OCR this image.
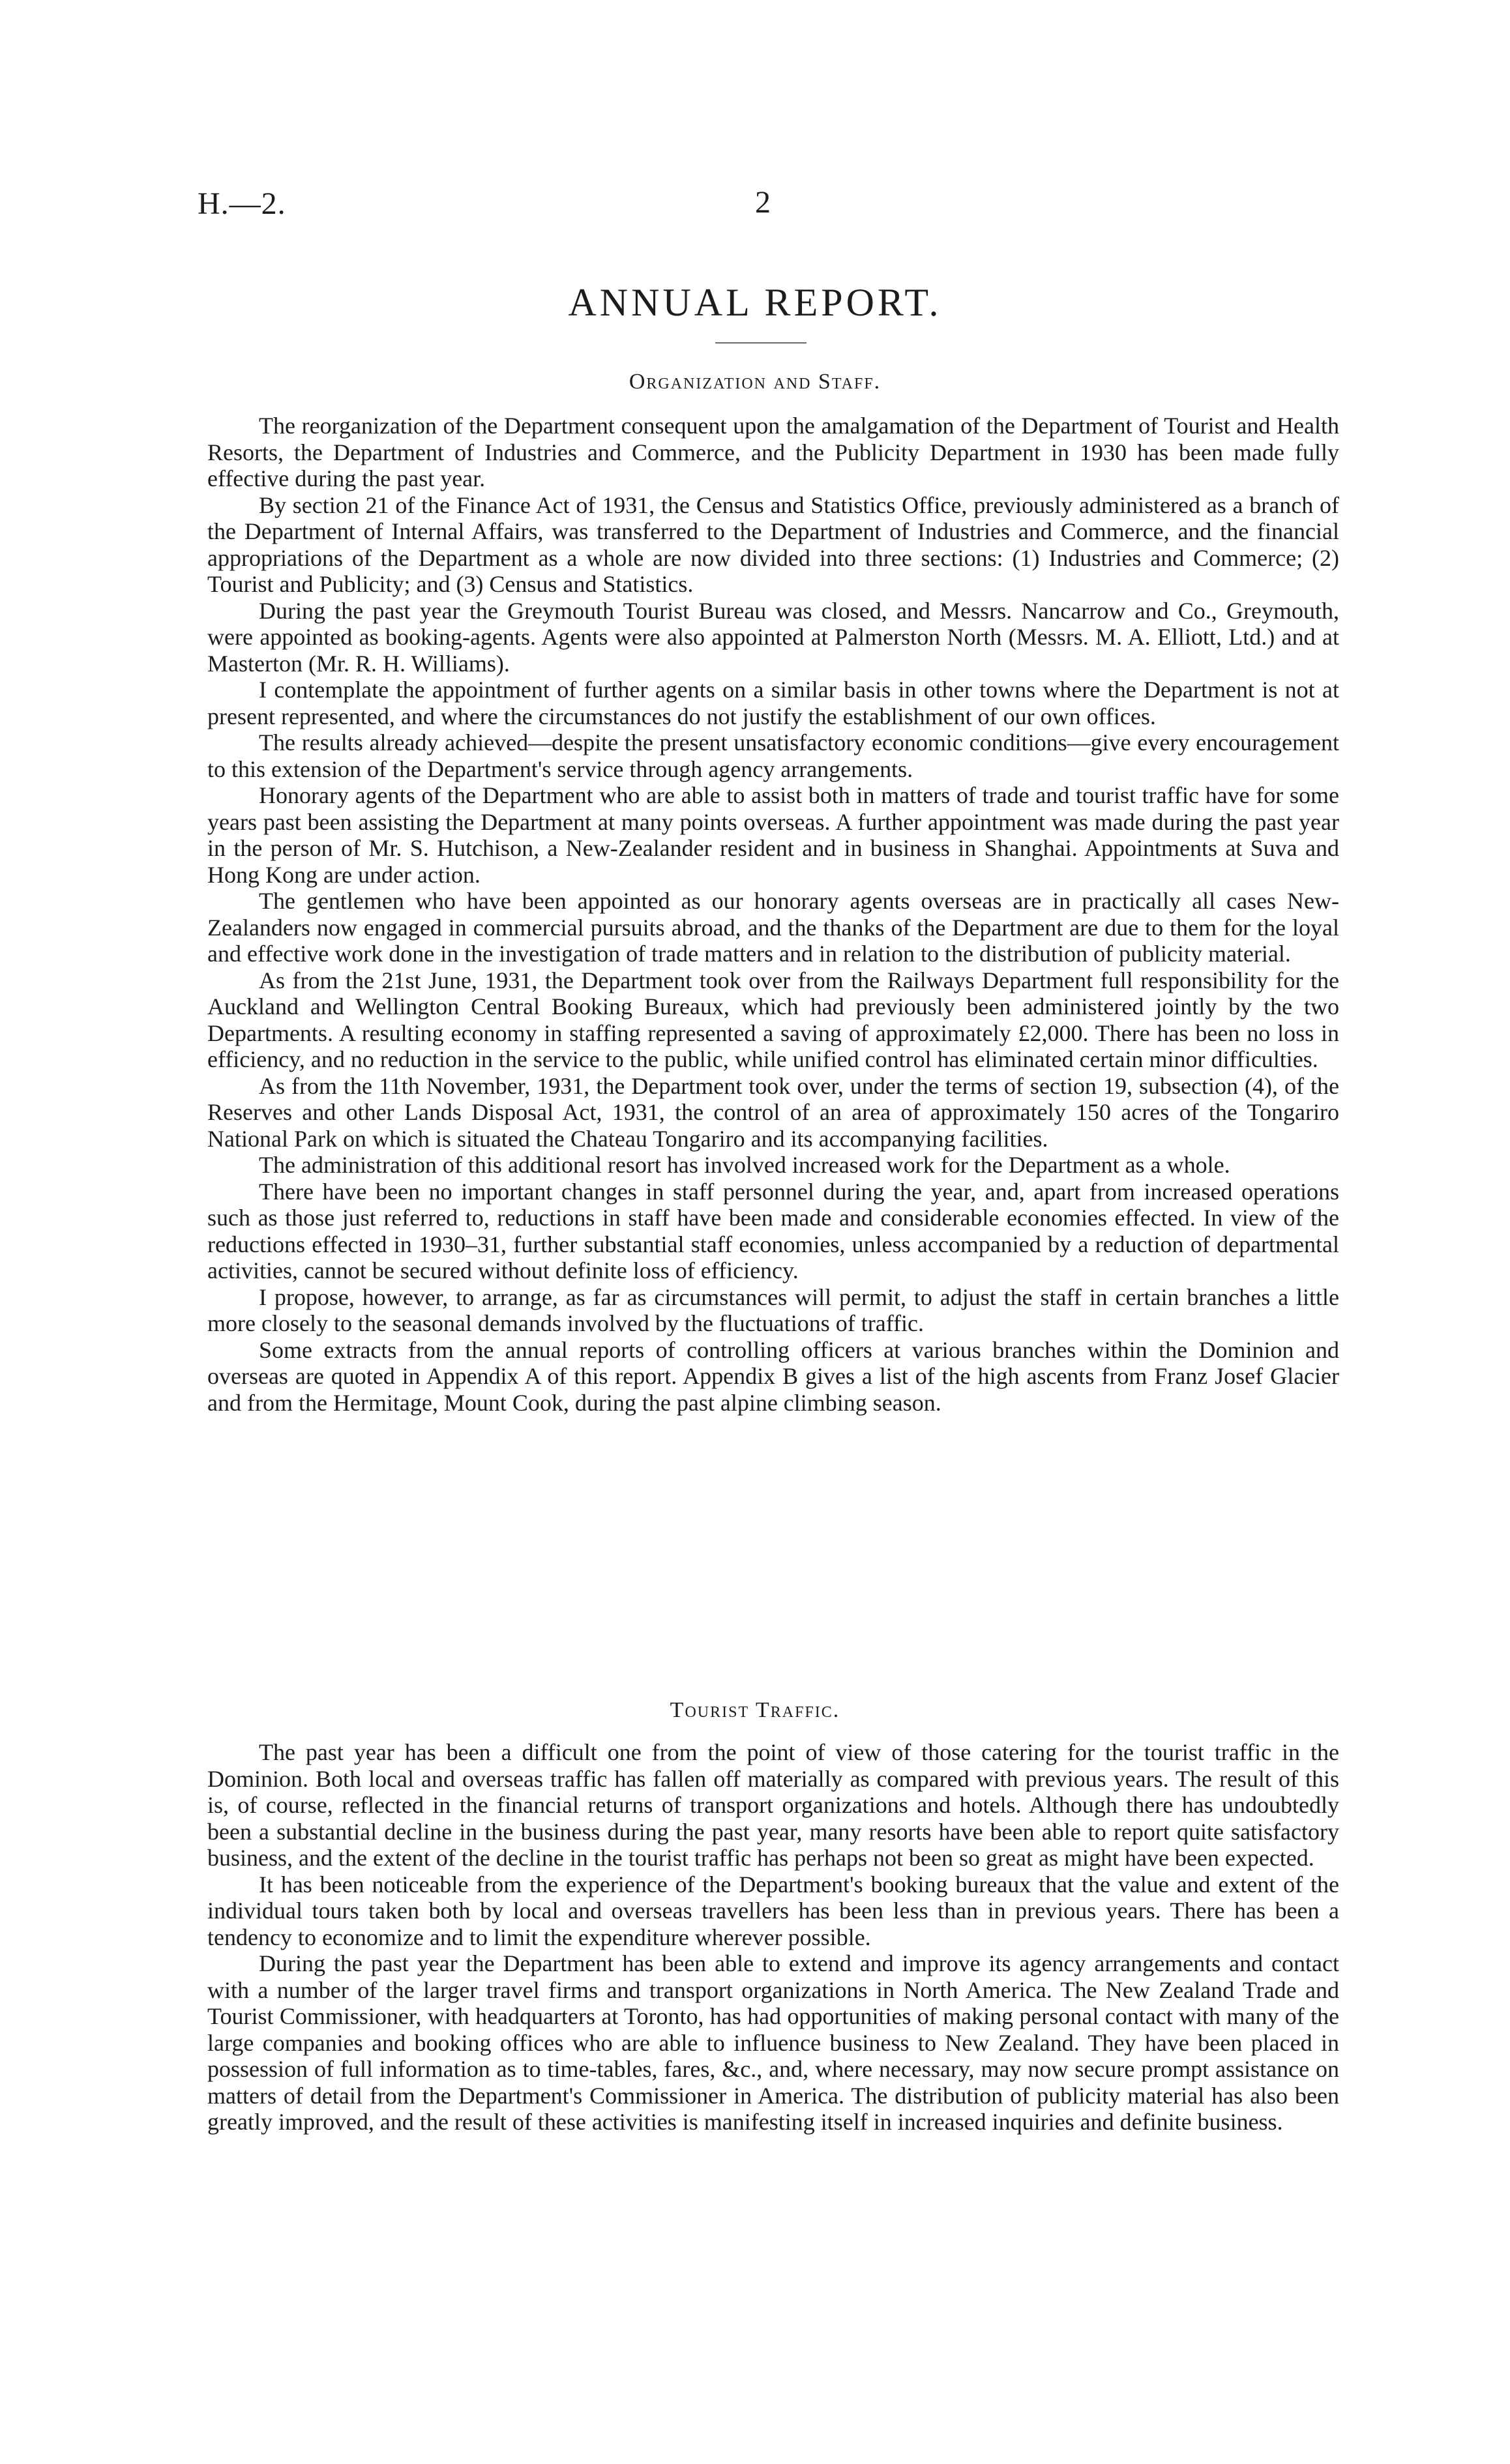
H.—2.	2
ANNUAL REPORT.
Organization and Staff.

The reorganization of the Department consequent upon the amalgamation of the Department of Tourist and Health Resorts, the Department of Industries and Commerce, and the Publicity Department in 1930 has been made fully effective during the past year.

By section 21 of the Finance Act of 1931, the Census and Statistics Office, previously administered as a branch of the Department of Internal Affairs, was transferred to the Department of Industries and Commerce, and the financial appropriations of the Department as a whole are now divided into three sections: (1) Industries and Commerce; (2) Tourist and Publicity; and (3) Census and Statistics.

During the past year the Greymouth Tourist Bureau was closed, and Messrs. Nancarrow and Co., Greymouth, were appointed as booking-agents. Agents were also appointed at Palmerston North (Messrs. M. A. Elliott, Ltd.) and at Masterton (Mr. R. H. Williams).

I contemplate the appointment of further agents on a similar basis in other towns where the Department is not at present represented, and where the circumstances do not justify the establishment of our own offices.

The results already achieved—despite the present unsatisfactory economic conditions—give every encouragement to this extension of the Department's service through agency arrangements.

Honorary agents of the Department who are able to assist both in matters of trade and tourist traffic have for some years past been assisting the Department at many points overseas. A further appointment was made during the past year in the person of Mr. S. Hutchison, a New-Zealander resident and in business in Shanghai. Appointments at Suva and Hong Kong are under action.

The gentlemen who have been appointed as our honorary agents overseas are in practically all cases New-Zealanders now engaged in commercial pursuits abroad, and the thanks of the Department are due to them for the loyal and effective work done in the investigation of trade matters and in relation to the distribution of publicity material.

As from the 21st June, 1931, the Department took over from the Railways Department full responsibility for the Auckland and Wellington Central Booking Bureaux, which had previously been administered jointly by the two Departments. A resulting economy in staffing represented a saving of approximately £2,000. There has been no loss in efficiency, and no reduction in the service to the public, while unified control has eliminated certain minor difficulties.

As from the 11th November, 1931, the Department took over, under the terms of section 19, subsection (4), of the Reserves and other Lands Disposal Act, 1931, the control of an area of approximately 150 acres of the Tongariro National Park on which is situated the Chateau Tongariro and its accompanying facilities.

The administration of this additional resort has involved increased work for the Department as a whole.

There have been no important changes in staff personnel during the year, and, apart from increased operations such as those just referred to, reductions in staff have been made and considerable economies effected. In view of the reductions effected in 1930–31, further substantial staff economies, unless accompanied by a reduction of departmental activities, cannot be secured without definite loss of efficiency.

I propose, however, to arrange, as far as circumstances will permit, to adjust the staff in certain branches a little more closely to the seasonal demands involved by the fluctuations of traffic.

Some extracts from the annual reports of controlling officers at various branches within the Dominion and overseas are quoted in Appendix A of this report. Appendix B gives a list of the high ascents from Franz Josef Glacier and from the Hermitage, Mount Cook, during the past alpine climbing season.

Tourist Traffic.

The past year has been a difficult one from the point of view of those catering for the tourist traffic in the Dominion. Both local and overseas traffic has fallen off materially as compared with previous years. The result of this is, of course, reflected in the financial returns of transport organizations and hotels. Although there has undoubtedly been a substantial decline in the business during the past year, many resorts have been able to report quite satisfactory business, and the extent of the decline in the tourist traffic has perhaps not been so great as might have been expected.

It has been noticeable from the experience of the Department's booking bureaux that the value and extent of the individual tours taken both by local and overseas travellers has been less than in previous years. There has been a tendency to economize and to limit the expenditure wherever possible.

During the past year the Department has been able to extend and improve its agency arrangements and contact with a number of the larger travel firms and transport organizations in North America. The New Zealand Trade and Tourist Commissioner, with headquarters at Toronto, has had opportunities of making personal contact with many of the large companies and booking offices who are able to influence business to New Zealand. They have been placed in possession of full information as to time-tables, fares, &c., and, where necessary, may now secure prompt assistance on matters of detail from the Department's Commissioner in America. The distribution of publicity material has also been greatly improved, and the result of these activities is manifesting itself in increased inquiries and definite business.
